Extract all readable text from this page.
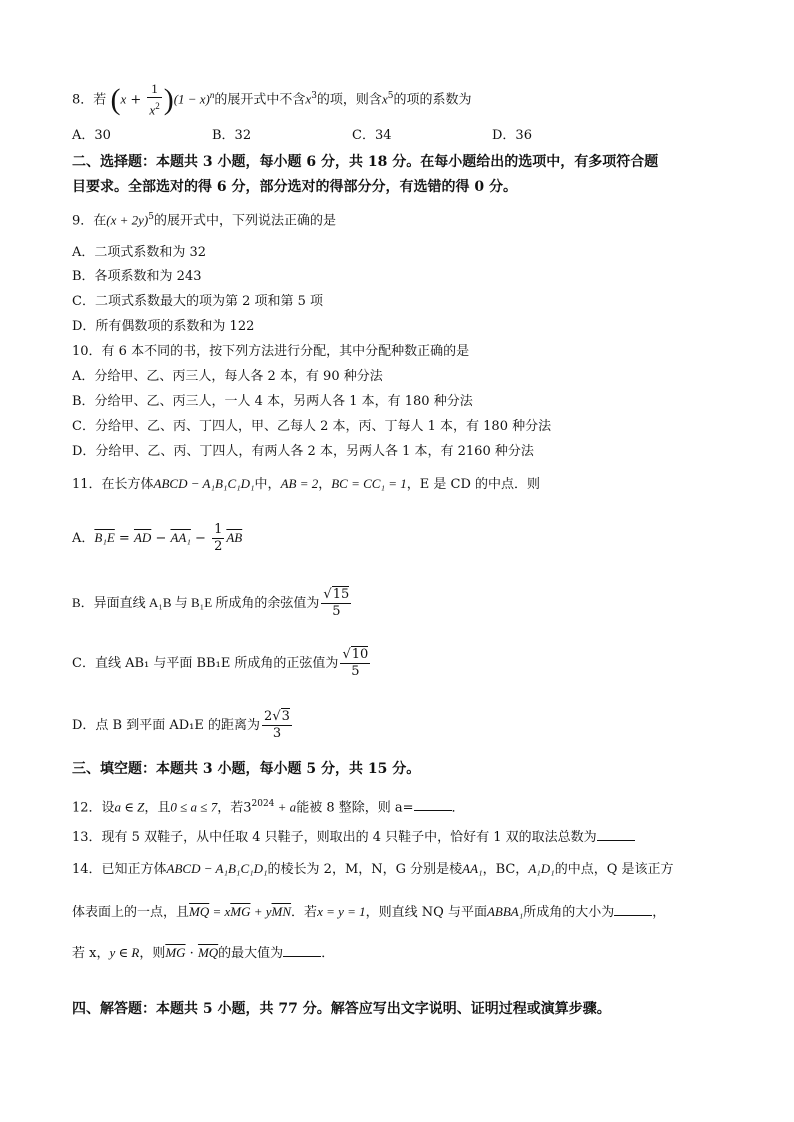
8．若 $(x + \frac{1}{x^2} )(1 - x)^n$的展开式中不含$x^3$的项，则含$x^5$的项的系数为
A．30	B．32	C．34	D．36
二、选择题：本题共 3 小题，每小题 6 分，共 18 分。在每小题给出的选项中，有多项符合题
目要求。全部选对的得 6 分，部分选对的得部分分，有选错的得 0 分。
9．在$(x + 2y)^5$的展开式中，下列说法正确的是
A．二项式系数和为 32
B．各项系数和为 243
C．二项式系数最大的项为第 2 项和第 5 项
D．所有偶数项的系数和为 122
10．有 6 本不同的书，按下列方法进行分配，其中分配种数正确的是
A．分给甲、乙、丙三人，每人各 2 本，有 90 种分法
B．分给甲、乙、丙三人，一人 4 本，另两人各 1 本，有 180 种分法
C．分给甲、乙、丙、丁四人，甲、乙每人 2 本，丙、丁每人 1 本，有 180 种分法
D．分给甲、乙、丙、丁四人，有两人各 2 本，另两人各 1 本，有 2160 种分法
11．在长方体ABCD − A₁B₁C₁D₁中，AB = 2，BC = CC₁ = 1，E 是 CD 的中点．则
A．$B_1E = \overline{AD} - AA_1 - \frac{1}{2} \overline{AB}$
B．异面直线 A₁B 与 B₁E 所成角的余弦值为 $\frac{√15}{5}$
C．直线 AB₁ 与平面 BB₁E 所成角的正弦值为 $\frac{√10}{5}$
D．点 B 到平面 AD₁E 的距离为 $\frac{2√3}{3}$
三、填空题：本题共 3 小题，每小题 5 分，共 15 分。
12．设a ∈ Z，且0 ≤ a ≤ 7，若$3^{2024} + a$能被 8 整除，则 a=	．
13．现有 5 双鞋子，从中任取 4 只鞋子，则取出的 4 只鞋子中，恰好有 1 双的取法总数为
14．已知正方体ABCD − A₁B₁C₁D₁的棱长为 2，M，N，G 分别是棱AA₁，BC，A₁D₁的中点，Q 是该正方
体表面上的一点，且$\overline{MQ} = x\overline{MG} + y\overline{MN}$．若x = y = 1，则直线 NQ 与平面ABBA₁所成角的大小为	，
若 x，y ∈ R，则$\overline{MG} \cdot \overline{MQ}$的最大值为	．
四、解答题：本题共 5 小题，共 77 分。解答应写出文字说明、证明过程或演算步骤。
